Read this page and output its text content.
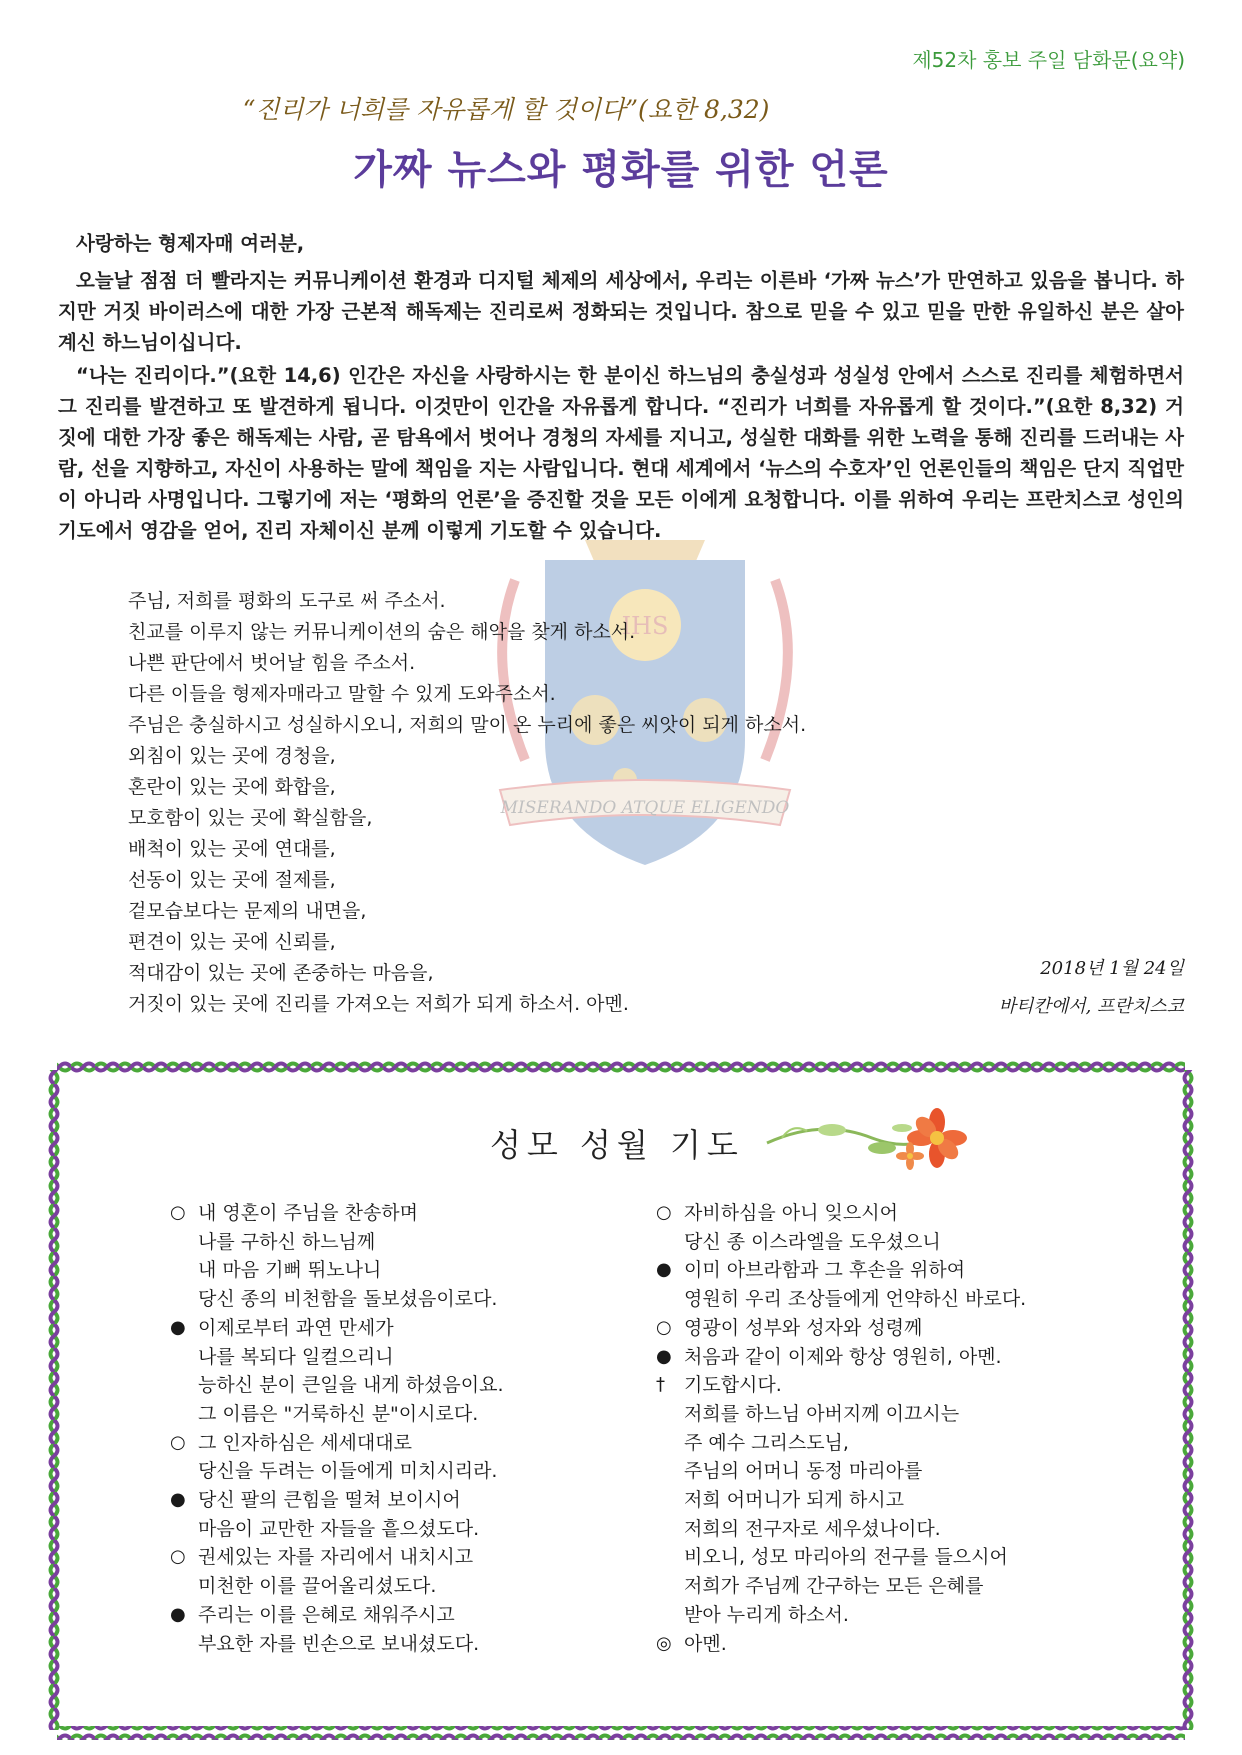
제52차 홍보 주일 담화문(요약)
“진리가 너희를 자유롭게 할 것이다”(요한 8,32)
가짜 뉴스와 평화를 위한 언론
IHS
MISERANDO ATQUE ELIGENDO

사랑하는 형제자매 여러분,

오늘날 점점 더 빨라지는 커뮤니케이션 환경과 디지털 체제의 세상에서, 우리는 이른바 ‘가짜 뉴스’가 만연하고 있음을 봅니다. 하지만 거짓 바이러스에 대한 가장 근본적 해독제는 진리로써 정화되는 것입니다. 참으로 믿을 수 있고 믿을 만한 유일하신 분은 살아 계신 하느님이십니다.

“나는 진리이다.”(요한 14,6) 인간은 자신을 사랑하시는 한 분이신 하느님의 충실성과 성실성 안에서 스스로 진리를 체험하면서 그 진리를 발견하고 또 발견하게 됩니다. 이것만이 인간을 자유롭게 합니다. “진리가 너희를 자유롭게 할 것이다.”(요한 8,32) 거짓에 대한 가장 좋은 해독제는 사람, 곧 탐욕에서 벗어나 경청의 자세를 지니고, 성실한 대화를 위한 노력을 통해 진리를 드러내는 사람, 선을 지향하고, 자신이 사용하는 말에 책임을 지는 사람입니다. 현대 세계에서 ‘뉴스의 수호자’인 언론인들의 책임은 단지 직업만이 아니라 사명입니다. 그렇기에 저는 ‘평화의 언론’을 증진할 것을 모든 이에게 요청합니다. 이를 위하여 우리는 프란치스코 성인의 기도에서 영감을 얻어, 진리 자체이신 분께 이렇게 기도할 수 있습니다.

주님, 저희를 평화의 도구로 써 주소서.
친교를 이루지 않는 커뮤니케이션의 숨은 해악을 찾게 하소서.
나쁜 판단에서 벗어날 힘을 주소서.
다른 이들을 형제자매라고 말할 수 있게 도와주소서.
주님은 충실하시고 성실하시오니, 저희의 말이 온 누리에 좋은 씨앗이 되게 하소서.
외침이 있는 곳에 경청을,
혼란이 있는 곳에 화합을,
모호함이 있는 곳에 확실함을,
배척이 있는 곳에 연대를,
선동이 있는 곳에 절제를,
겉모습보다는 문제의 내면을,
편견이 있는 곳에 신뢰를,
적대감이 있는 곳에 존중하는 마음을,
거짓이 있는 곳에 진리를 가져오는 저희가 되게 하소서. 아멘.
2018년 1월 24일
바티칸에서, 프란치스코
성모 성월 기도
○ 내 영혼이 주님을 찬송하며
나를 구하신 하느님께
내 마음 기뻐 뛰노나니
당신 종의 비천함을 돌보셨음이로다.
● 이제로부터 과연 만세가
나를 복되다 일컬으리니
능하신 분이 큰일을 내게 하셨음이요.
그 이름은 "거룩하신 분"이시로다.
○ 그 인자하심은 세세대대로
당신을 두려는 이들에게 미치시리라.
● 당신 팔의 큰힘을 떨쳐 보이시어
마음이 교만한 자들을 흩으셨도다.
○ 권세있는 자를 자리에서 내치시고
미천한 이를 끌어올리셨도다.
● 주리는 이를 은혜로 채워주시고
부요한 자를 빈손으로 보내셨도다.
○ 자비하심을 아니 잊으시어
당신 종 이스라엘을 도우셨으니
● 이미 아브라함과 그 후손을 위하여
영원히 우리 조상들에게 언약하신 바로다.
○ 영광이 성부와 성자와 성령께
● 처음과 같이 이제와 항상 영원히, 아멘.
†	기도합시다.
저희를 하느님 아버지께 이끄시는
주 예수 그리스도님,
주님의 어머니 동정 마리아를
저희 어머니가 되게 하시고
저희의 전구자로 세우셨나이다.
비오니, 성모 마리아의 전구를 들으시어
저희가 주님께 간구하는 모든 은혜를
받아 누리게 하소서.
◎ 아멘.
